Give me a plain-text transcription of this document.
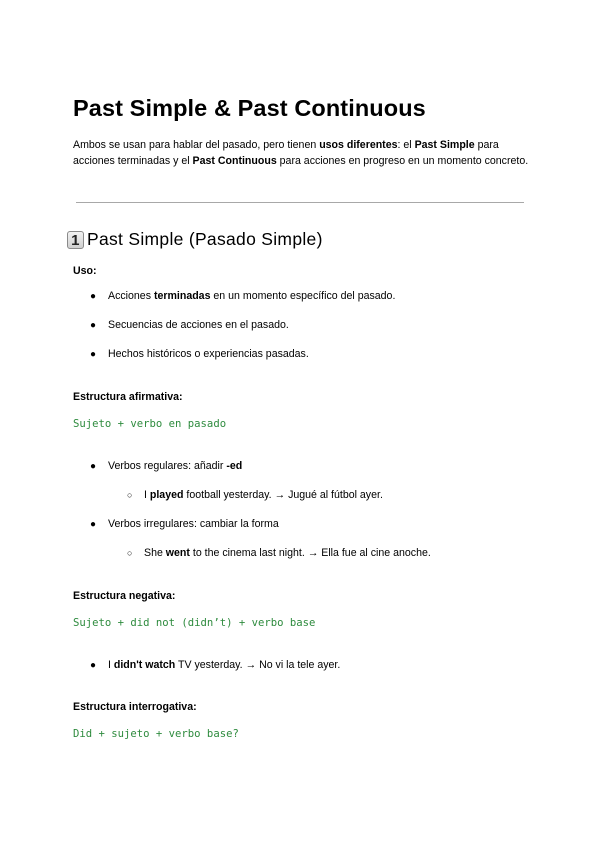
Past Simple & Past Continuous

Ambos se usan para hablar del pasado, pero tienen usos diferentes: el Past Simple para acciones terminadas y el Past Continuous para acciones en progreso en un momento concreto.

1 Past Simple (Pasado Simple)

Uso:

●	Acciones terminadas en un momento específico del pasado.

●	Secuencias de acciones en el pasado.

●	Hechos históricos o experiencias pasadas.

Estructura afirmativa:

Sujeto + verbo en pasado

●	Verbos regulares: añadir -ed

○	I played football yesterday. → Jugué al fútbol ayer.

●	Verbos irregulares: cambiar la forma

○	She went to the cinema last night. → Ella fue al cine anoche.

Estructura negativa:

Sujeto + did not (didn’t) + verbo base

●	I didn't watch TV yesterday. → No vi la tele ayer.

Estructura interrogativa:

Did + sujeto + verbo base?
